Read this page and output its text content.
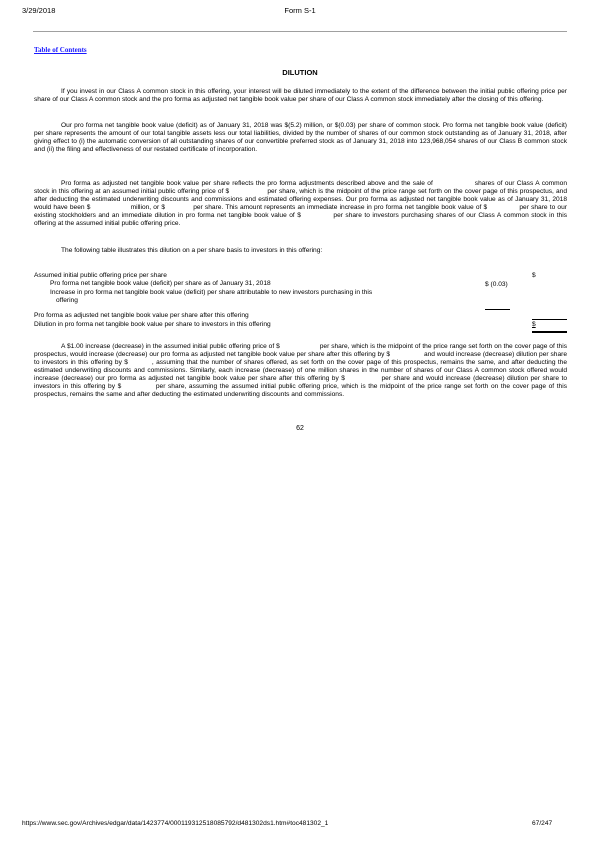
3/29/2018	Form S-1
Table of Contents
DILUTION
If you invest in our Class A common stock in this offering, your interest will be diluted immediately to the extent of the difference between the initial public offering price per share of our Class A common stock and the pro forma as adjusted net tangible book value per share of our Class A common stock immediately after the closing of this offering.
Our pro forma net tangible book value (deficit) as of January 31, 2018 was $(5.2) million, or $(0.03) per share of common stock. Pro forma net tangible book value (deficit) per share represents the amount of our total tangible assets less our total liabilities, divided by the number of shares of our common stock outstanding as of January 31, 2018, after giving effect to (i) the automatic conversion of all outstanding shares of our convertible preferred stock as of January 31, 2018 into 123,968,054 shares of our Class B common stock and (ii) the filing and effectiveness of our restated certificate of incorporation.
Pro forma as adjusted net tangible book value per share reflects the pro forma adjustments described above and the sale of	shares of our Class A common stock in this offering at an assumed initial public offering price of $	per share, which is the midpoint of the price range set forth on the cover page of this prospectus, and after deducting the estimated underwriting discounts and commissions and estimated offering expenses. Our pro forma as adjusted net tangible book value as of January 31, 2018 would have been $	million, or $	per share. This amount represents an immediate increase in pro forma net tangible book value of $	per share to our existing stockholders and an immediate dilution in pro forma net tangible book value of $	per share to investors purchasing shares of our Class A common stock in this offering at the assumed initial public offering price.
The following table illustrates this dilution on a per share basis to investors in this offering:
Assumed initial public offering price per share	$
Pro forma net tangible book value (deficit) per share as of January 31, 2018	$ (0.03)
Increase in pro forma net tangible book value (deficit) per share attributable to new investors purchasing in this
offering
Pro forma as adjusted net tangible book value per share after this offering
Dilution in pro forma net tangible book value per share to investors in this offering	$
A $1.00 increase (decrease) in the assumed initial public offering price of $	per share, which is the midpoint of the price range set forth on the cover page of this prospectus, would increase (decrease) our pro forma as adjusted net tangible book value per share after this offering by $	and would increase (decrease) dilution per share to investors in this offering by $	, assuming that the number of shares offered, as set forth on the cover page of this prospectus, remains the same, and after deducting the estimated underwriting discounts and commissions. Similarly, each increase (decrease) of one million shares in the number of shares of our Class A common stock offered would increase (decrease) our pro forma as adjusted net tangible book value per share after this offering by $	per share and would increase (decrease) dilution per share to investors in this offering by $	per share, assuming the assumed initial public offering price, which is the midpoint of the price range set forth on the cover page of this prospectus, remains the same and after deducting the estimated underwriting discounts and commissions.
62
https://www.sec.gov/Archives/edgar/data/1423774/000119312518085792/d481302ds1.htm#toc481302_1	67/247
